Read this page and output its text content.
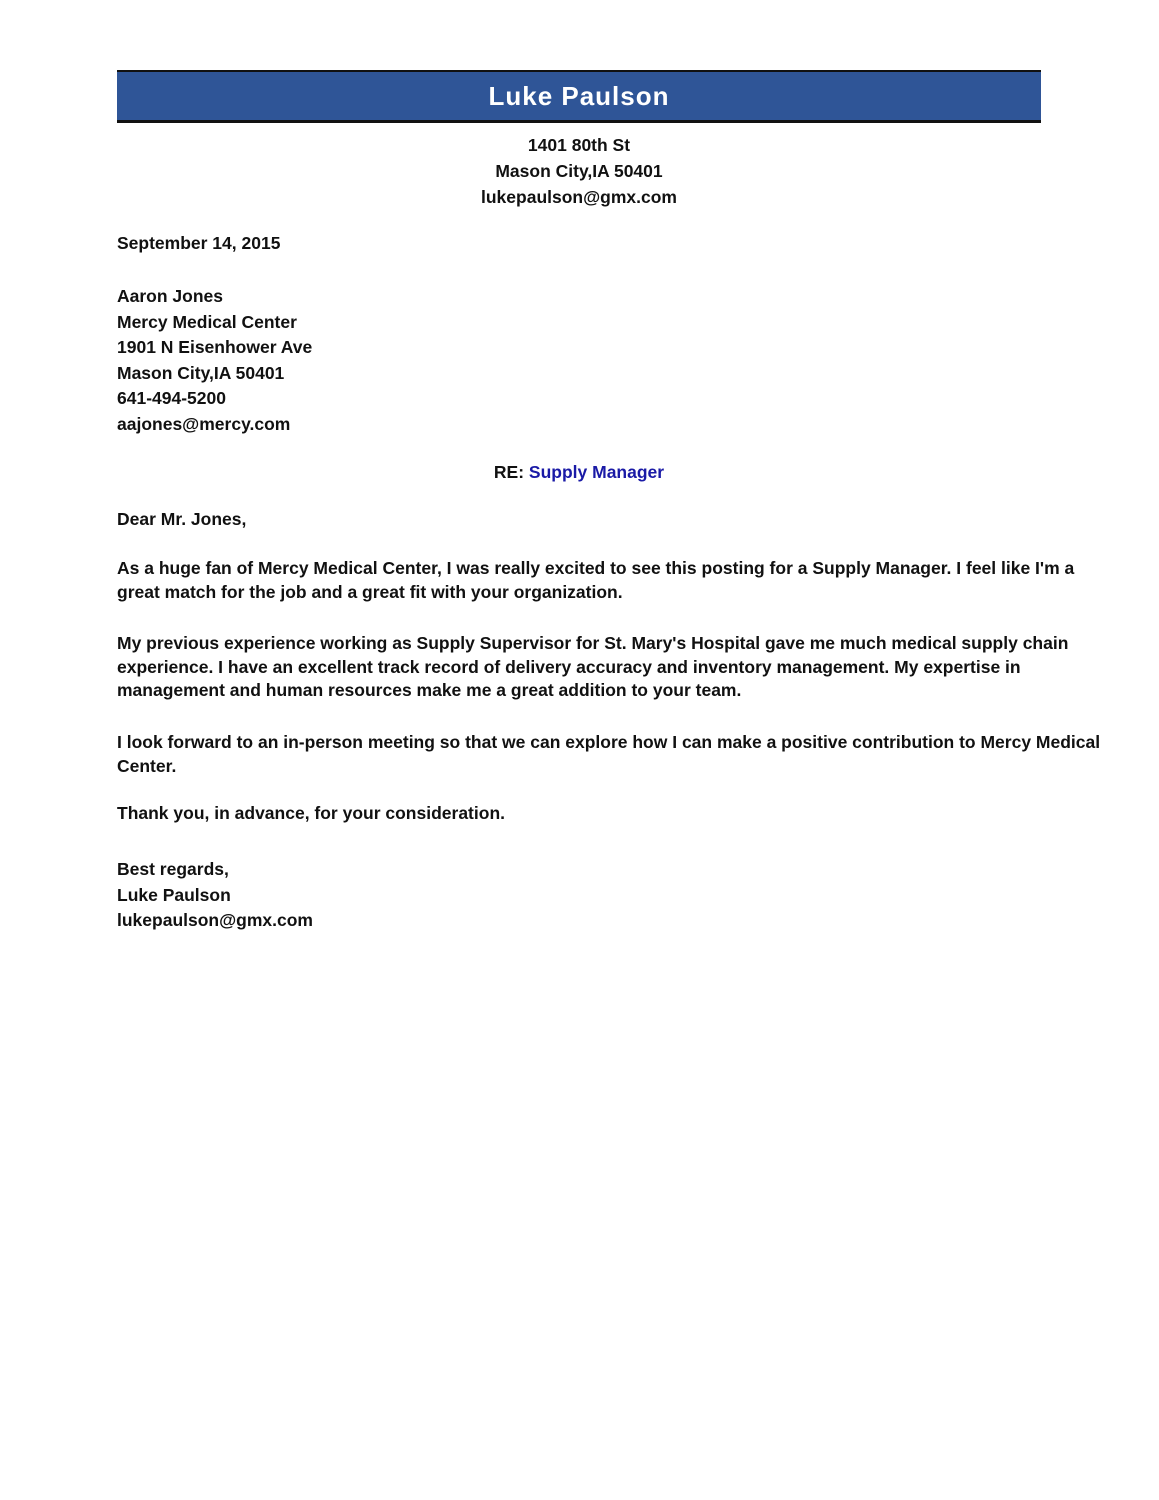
Luke Paulson
1401 80th St
Mason City,IA 50401
lukepaulson@gmx.com
September 14, 2015
Aaron Jones
Mercy Medical Center
1901 N Eisenhower Ave
Mason City,IA 50401
641-494-5200
aajones@mercy.com
RE: Supply Manager
Dear Mr. Jones,
As a huge fan of Mercy Medical Center, I was really excited to see this posting for a Supply Manager. I feel like I'm a great match for the job and a great fit with your organization.
My previous experience working as Supply Supervisor for St. Mary's Hospital gave me much medical supply chain experience. I have an excellent track record of delivery accuracy and inventory management. My expertise in management and human resources make me a great addition to your team.
I look forward to an in-person meeting so that we can explore how I can make a positive contribution to Mercy Medical Center.
Thank you, in advance, for your consideration.
Best regards,
Luke Paulson
lukepaulson@gmx.com
